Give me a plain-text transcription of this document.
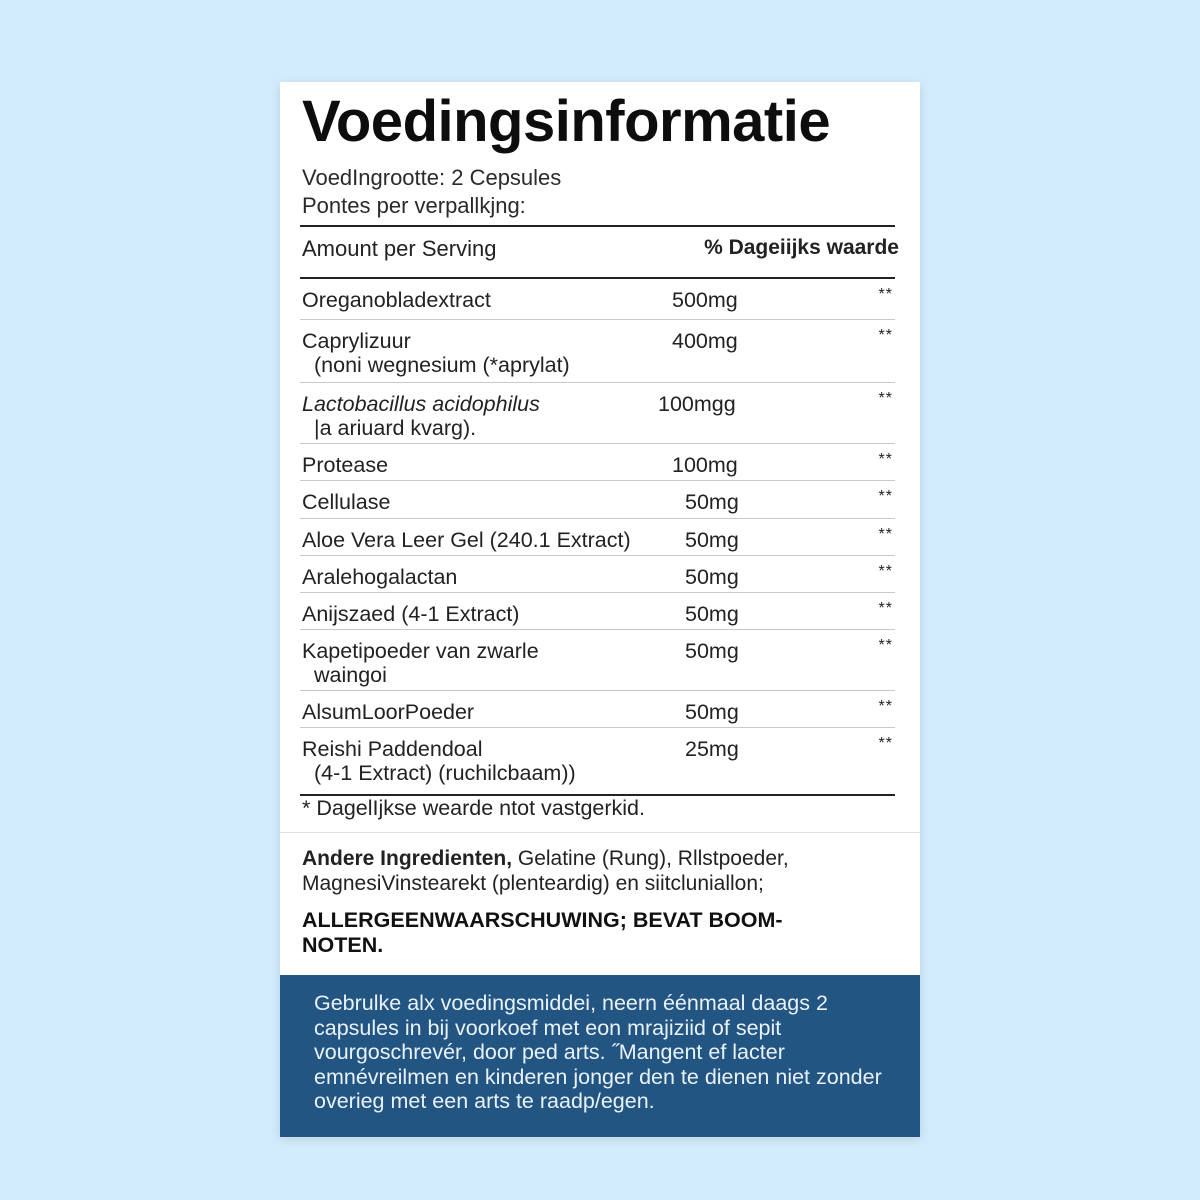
Voedingsinformatie
VoedIngrootte: 2 Cepsules
Pontes per verpallkjng:
Amount per Serving	% Dageiijks waarde
Oreganobladextract	500mg	**
Caprylizuur
(noni wegnesium (*aprylat)
400mg	**
Lactobacillus acidophilus
|a ariuard kvarg).
100mgg	**
Protease	100mg	**
Cellulase	50mg	**
Aloe Vera Leer Gel (240.1 Extract)	50mg	**
Aralehogalactan	50mg	**
Anijszaed (4-1 Extract)	50mg	**
Kapetipoeder van zwarle
waingoi
50mg	**
AlsumLoorPoeder	50mg	**
Reishi Paddendoal
(4-1 Extract) (ruchilcbaam))
25mg	**
* DagelIjkse wearde ntot vastgerkid.
Andere Ingredienten, Gelatine (Rung), Rllstpoeder, MagnesiVinstearekt (plenteardig) en siitcluniallon;
ALLERGEENWAARSCHUWING; BEVAT BOOM-NOTEN.

Gebrulke alx voedingsmiddei, neern éénmaal daags 2 capsules in bij voorkoef met eon mrajiziid of sepit vourgoschrevér, door ped arts. ˝Mangent ef lacter emnévreilmen en kinderen jonger den te dienen niet zonder overieg met een arts te raadp/egen.
